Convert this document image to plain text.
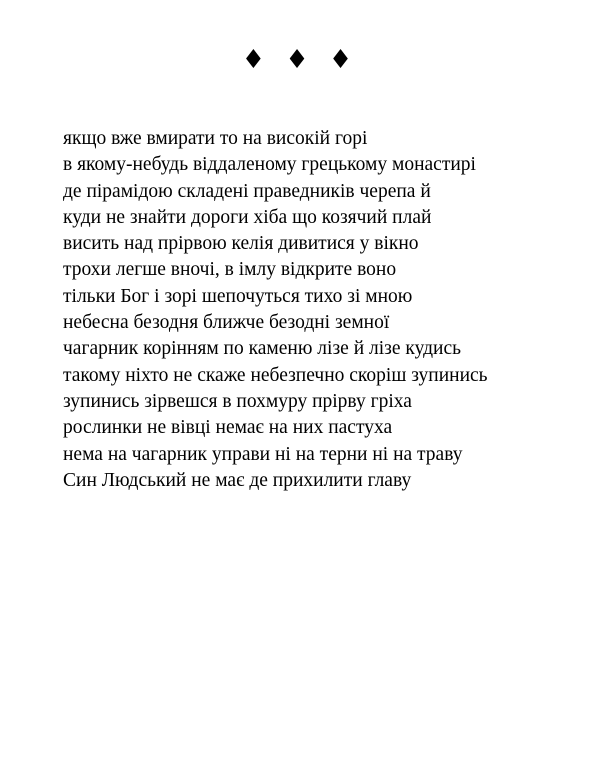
♦ ♦ ♦
якщо вже вмирати то на високій горі
в якому-небудь віддаленому грецькому монастирі
де пірамідою складені праведників черепа й
куди не знайти дороги хіба що козячий плай
висить над прірвою келія дивитися у вікно
трохи легше вночі, в імлу відкрите воно
тільки Бог і зорі шепочуться тихо зі мною
небесна безодня ближче безодні земної
чагарник корінням по каменю лізе й лізе кудись
такому ніхто не скаже небезпечно скоріш зупинись
зупинись зірвешся в похмуру прірву гріха
рослинки не вівці немає на них пастуха
нема на чагарник управи ні на терни ні на траву
Син Людський не має де прихилити главу
